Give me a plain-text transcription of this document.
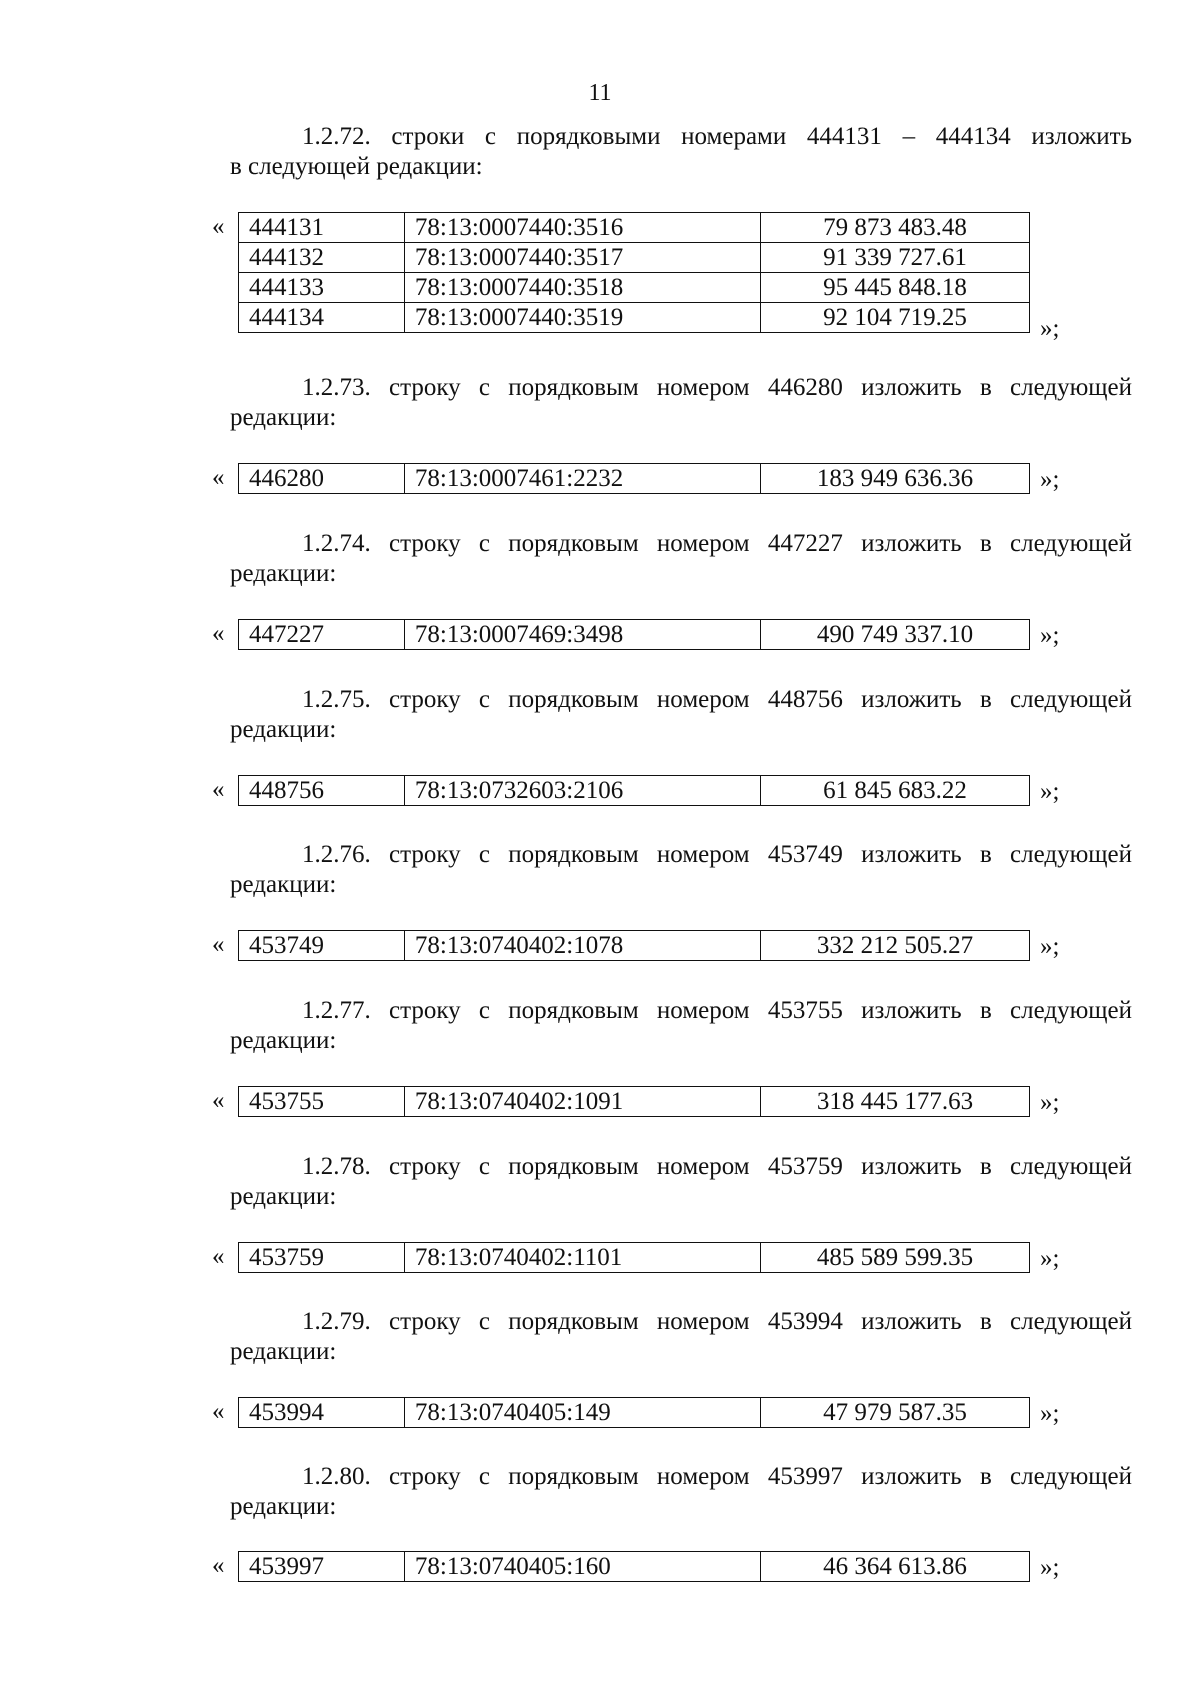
11
1.2.72. строки с порядковыми номерами 444131 – 444134 изложить
в следующей редакции:
« 444131	78:13:0007440:3516	79 873 483.48
444132	78:13:0007440:3517	91 339 727.61
444133	78:13:0007440:3518	95 445 848.18
444134	78:13:0007440:3519	92 104 719.25	»;
1.2.73. строку с порядковым номером 446280 изложить в следующей
редакции:
« 446280	78:13:0007461:2232	183 949 636.36	»;
1.2.74. строку с порядковым номером 447227 изложить в следующей
редакции:
« 447227	78:13:0007469:3498	490 749 337.10	»;
1.2.75. строку с порядковым номером 448756 изложить в следующей
редакции:
« 448756	78:13:0732603:2106	61 845 683.22	»;
1.2.76. строку с порядковым номером 453749 изложить в следующей
редакции:
« 453749	78:13:0740402:1078	332 212 505.27	»;
1.2.77. строку с порядковым номером 453755 изложить в следующей
редакции:
« 453755	78:13:0740402:1091	318 445 177.63	»;
1.2.78. строку с порядковым номером 453759 изложить в следующей
редакции:
« 453759	78:13:0740402:1101	485 589 599.35	»;
1.2.79. строку с порядковым номером 453994 изложить в следующей
редакции:
« 453994	78:13:0740405:149	47 979 587.35	»;
1.2.80. строку с порядковым номером 453997 изложить в следующей
редакции:
« 453997	78:13:0740405:160	46 364 613.86	»;
